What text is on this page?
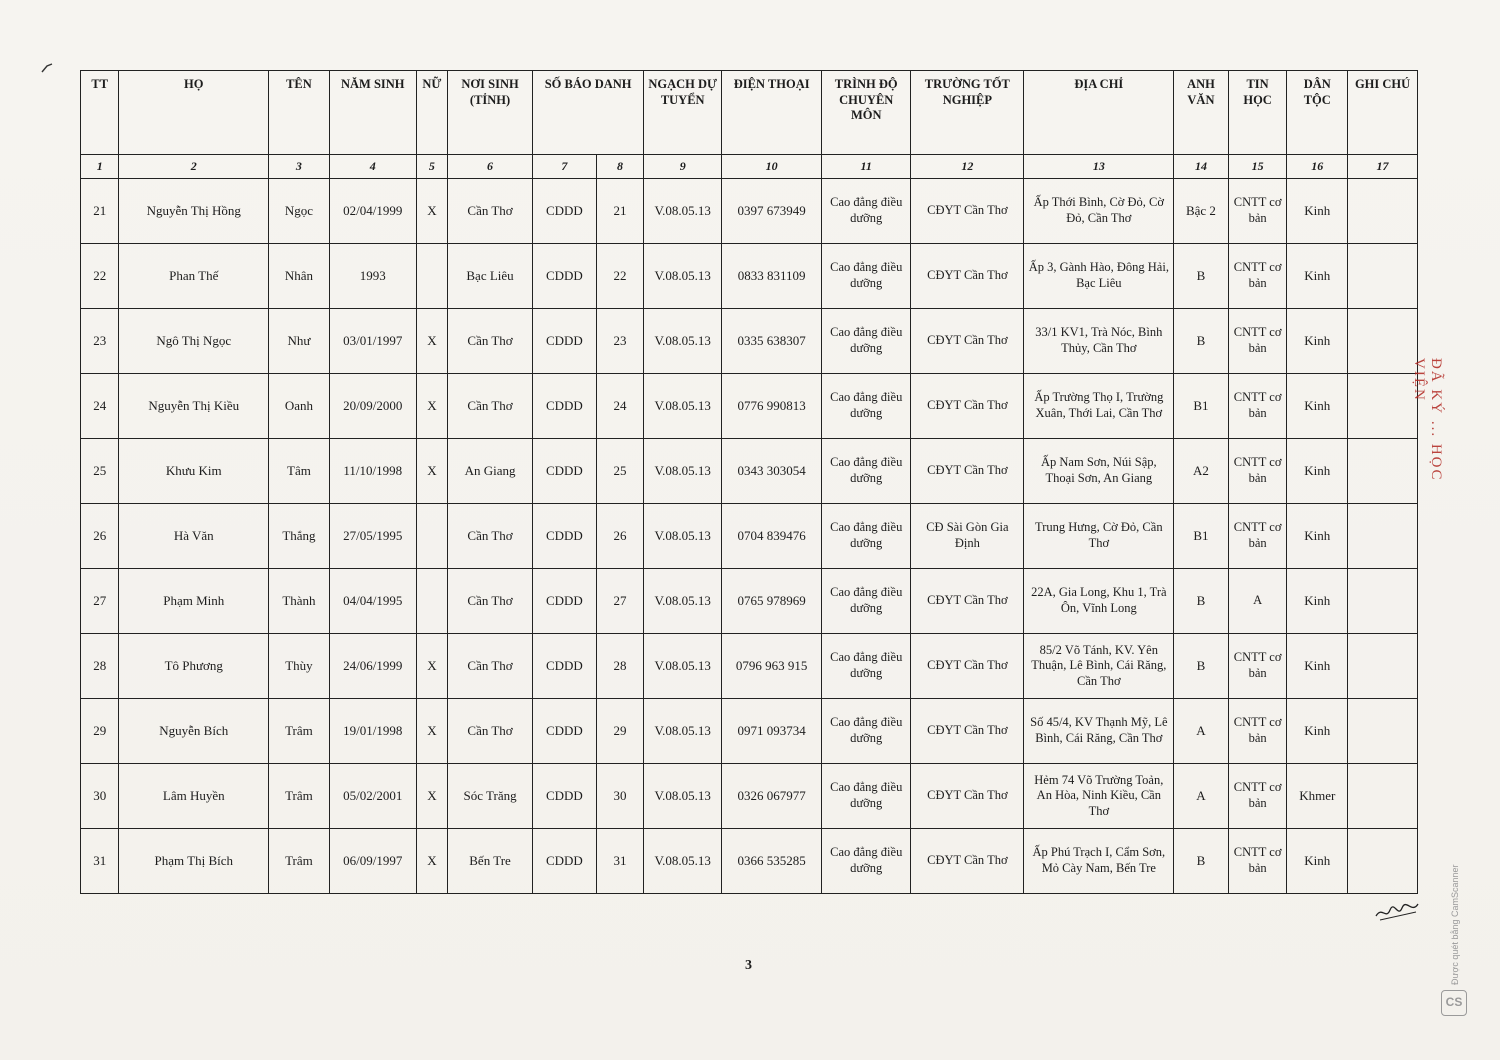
TT	HỌ	TÊN	NĂM SINH	NỮ	NƠI SINH (TỈNH)	SỐ BÁO DANH		NGẠCH DỰ TUYỂN	ĐIỆN THOẠI	TRÌNH ĐỘ CHUYÊN MÔN	TRƯỜNG TỐT NGHIỆP	ĐỊA CHỈ	ANH VĂN	TIN HỌC	DÂN TỘC	GHI CHÚ
1	2	3	4	5	6	7	8	9	10	11	12	13	14	15	16	17
21	Nguyễn Thị Hồng	Ngọc	02/04/1999	X	Cần Thơ	CDDD	21	V.08.05.13	0397 673949	Cao đẳng điều dưỡng	CĐYT Cần Thơ	Ấp Thới Bình, Cờ Đỏ, Cờ Đỏ, Cần Thơ	Bậc 2	CNTT cơ bản	Kinh	
22	Phan Thế	Nhân	1993		Bạc Liêu	CDDD	22	V.08.05.13	0833 831109	Cao đẳng điều dưỡng	CĐYT Cần Thơ	Ấp 3, Gành Hào, Đông Hải, Bạc Liêu	B	CNTT cơ bản	Kinh	
23	Ngô Thị Ngọc	Như	03/01/1997	X	Cần Thơ	CDDD	23	V.08.05.13	0335 638307	Cao đẳng điều dưỡng	CĐYT Cần Thơ	33/1 KV1, Trà Nóc, Bình Thủy, Cần Thơ	B	CNTT cơ bản	Kinh	
24	Nguyễn Thị Kiều	Oanh	20/09/2000	X	Cần Thơ	CDDD	24	V.08.05.13	0776 990813	Cao đẳng điều dưỡng	CĐYT Cần Thơ	Ấp Trường Thọ I, Trường Xuân, Thới Lai, Cần Thơ	B1	CNTT cơ bản	Kinh	
25	Khưu Kim	Tâm	11/10/1998	X	An Giang	CDDD	25	V.08.05.13	0343 303054	Cao đẳng điều dưỡng	CĐYT Cần Thơ	Ấp Nam Sơn, Núi Sập, Thoại Sơn, An Giang	A2	CNTT cơ bản	Kinh	
26	Hà Văn	Thắng	27/05/1995		Cần Thơ	CDDD	26	V.08.05.13	0704 839476	Cao đẳng điều dưỡng	CĐ Sài Gòn Gia Định	Trung Hưng, Cờ Đỏ, Cần Thơ	B1	CNTT cơ bản	Kinh	
27	Phạm Minh	Thành	04/04/1995		Cần Thơ	CDDD	27	V.08.05.13	0765 978969	Cao đẳng điều dưỡng	CĐYT Cần Thơ	22A, Gia Long, Khu 1, Trà Ôn, Vĩnh Long	B	A	Kinh	
28	Tô Phương	Thùy	24/06/1999	X	Cần Thơ	CDDD	28	V.08.05.13	0796 963 915	Cao đẳng điều dưỡng	CĐYT Cần Thơ	85/2 Võ Tánh, KV. Yên Thuận, Lê Bình, Cái Răng, Cần Thơ	B	CNTT cơ bản	Kinh	
29	Nguyễn Bích	Trâm	19/01/1998	X	Cần Thơ	CDDD	29	V.08.05.13	0971 093734	Cao đẳng điều dưỡng	CĐYT Cần Thơ	Số 45/4, KV Thạnh Mỹ, Lê Bình, Cái Răng, Cần Thơ	A	CNTT cơ bản	Kinh	
30	Lâm Huyền	Trâm	05/02/2001	X	Sóc Trăng	CDDD	30	V.08.05.13	0326 067977	Cao đẳng điều dưỡng	CĐYT Cần Thơ	Hẻm 74 Võ Trường Toản, An Hòa, Ninh Kiều, Cần Thơ	A	CNTT cơ bản	Khmer	
31	Phạm Thị Bích	Trâm	06/09/1997	X	Bến Tre	CDDD	31	V.08.05.13	0366 535285	Cao đẳng điều dưỡng	CĐYT Cần Thơ	Ấp Phú Trạch I, Cẩm Sơn, Mỏ Cày Nam, Bến Tre	B	CNTT cơ bản	Kinh	
ĐÃ KÝ ... HỌC VIỆN
3	Được quét bằng CamScanner
CS
